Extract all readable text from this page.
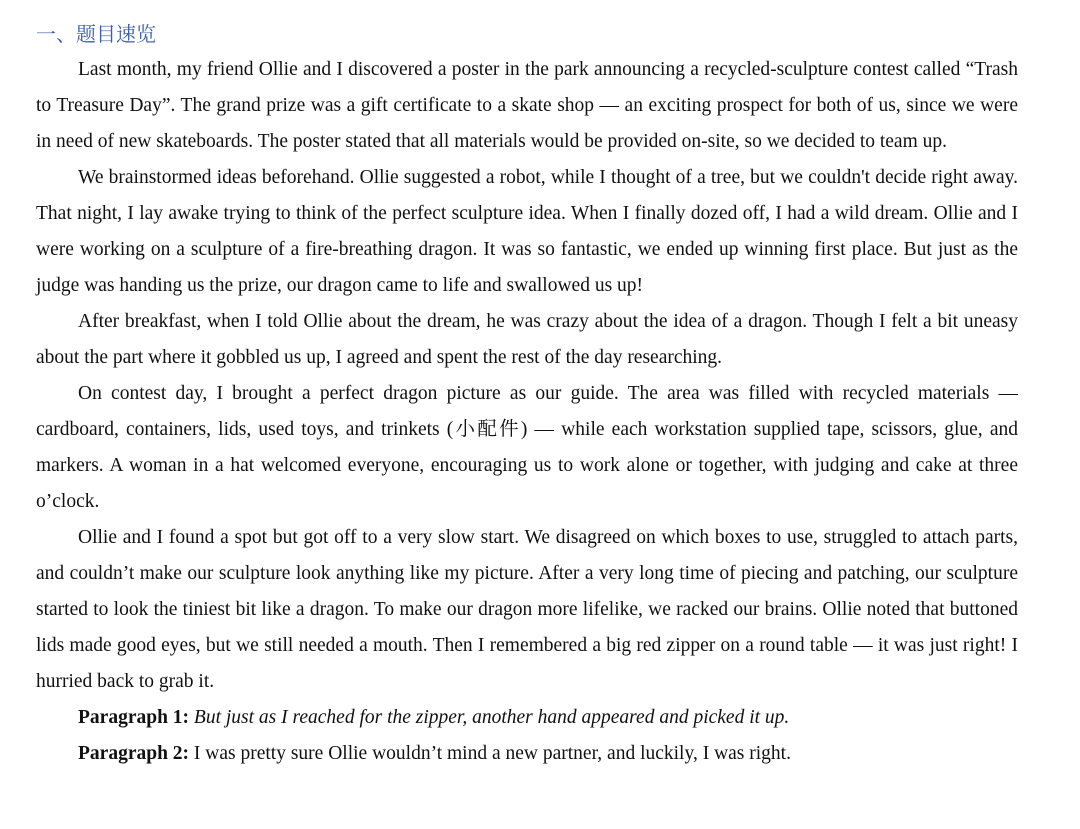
一、题目速览

Last month, my friend Ollie and I discovered a poster in the park announcing a recycled-sculpture contest called “Trash to Treasure Day”. The grand prize was a gift certificate to a skate shop — an exciting prospect for both of us, since we were in need of new skateboards. The poster stated that all materials would be provided on-site, so we decided to team up.

We brainstormed ideas beforehand. Ollie suggested a robot, while I thought of a tree, but we couldn't decide right away. That night, I lay awake trying to think of the perfect sculpture idea. When I finally dozed off, I had a wild dream. Ollie and I were working on a sculpture of a fire-breathing dragon. It was so fantastic, we ended up winning first place. But just as the judge was handing us the prize, our dragon came to life and swallowed us up!

After breakfast, when I told Ollie about the dream, he was crazy about the idea of a dragon. Though I felt a bit uneasy about the part where it gobbled us up, I agreed and spent the rest of the day researching.

On contest day, I brought a perfect dragon picture as our guide. The area was filled with recycled materials — cardboard, containers, lids, used toys, and trinkets (小配件) — while each workstation supplied tape, scissors, glue, and markers. A woman in a hat welcomed everyone, encouraging us to work alone or together, with judging and cake at three o’clock.

Ollie and I found a spot but got off to a very slow start. We disagreed on which boxes to use, struggled to attach parts, and couldn’t make our sculpture look anything like my picture. After a very long time of piecing and patching, our sculpture started to look the tiniest bit like a dragon. To make our dragon more lifelike, we racked our brains. Ollie noted that buttoned lids made good eyes, but we still needed a mouth. Then I remembered a big red zipper on a round table — it was just right! I hurried back to grab it.

Paragraph 1: But just as I reached for the zipper, another hand appeared and picked it up.

Paragraph 2: I was pretty sure Ollie wouldn’t mind a new partner, and luckily, I was right.
